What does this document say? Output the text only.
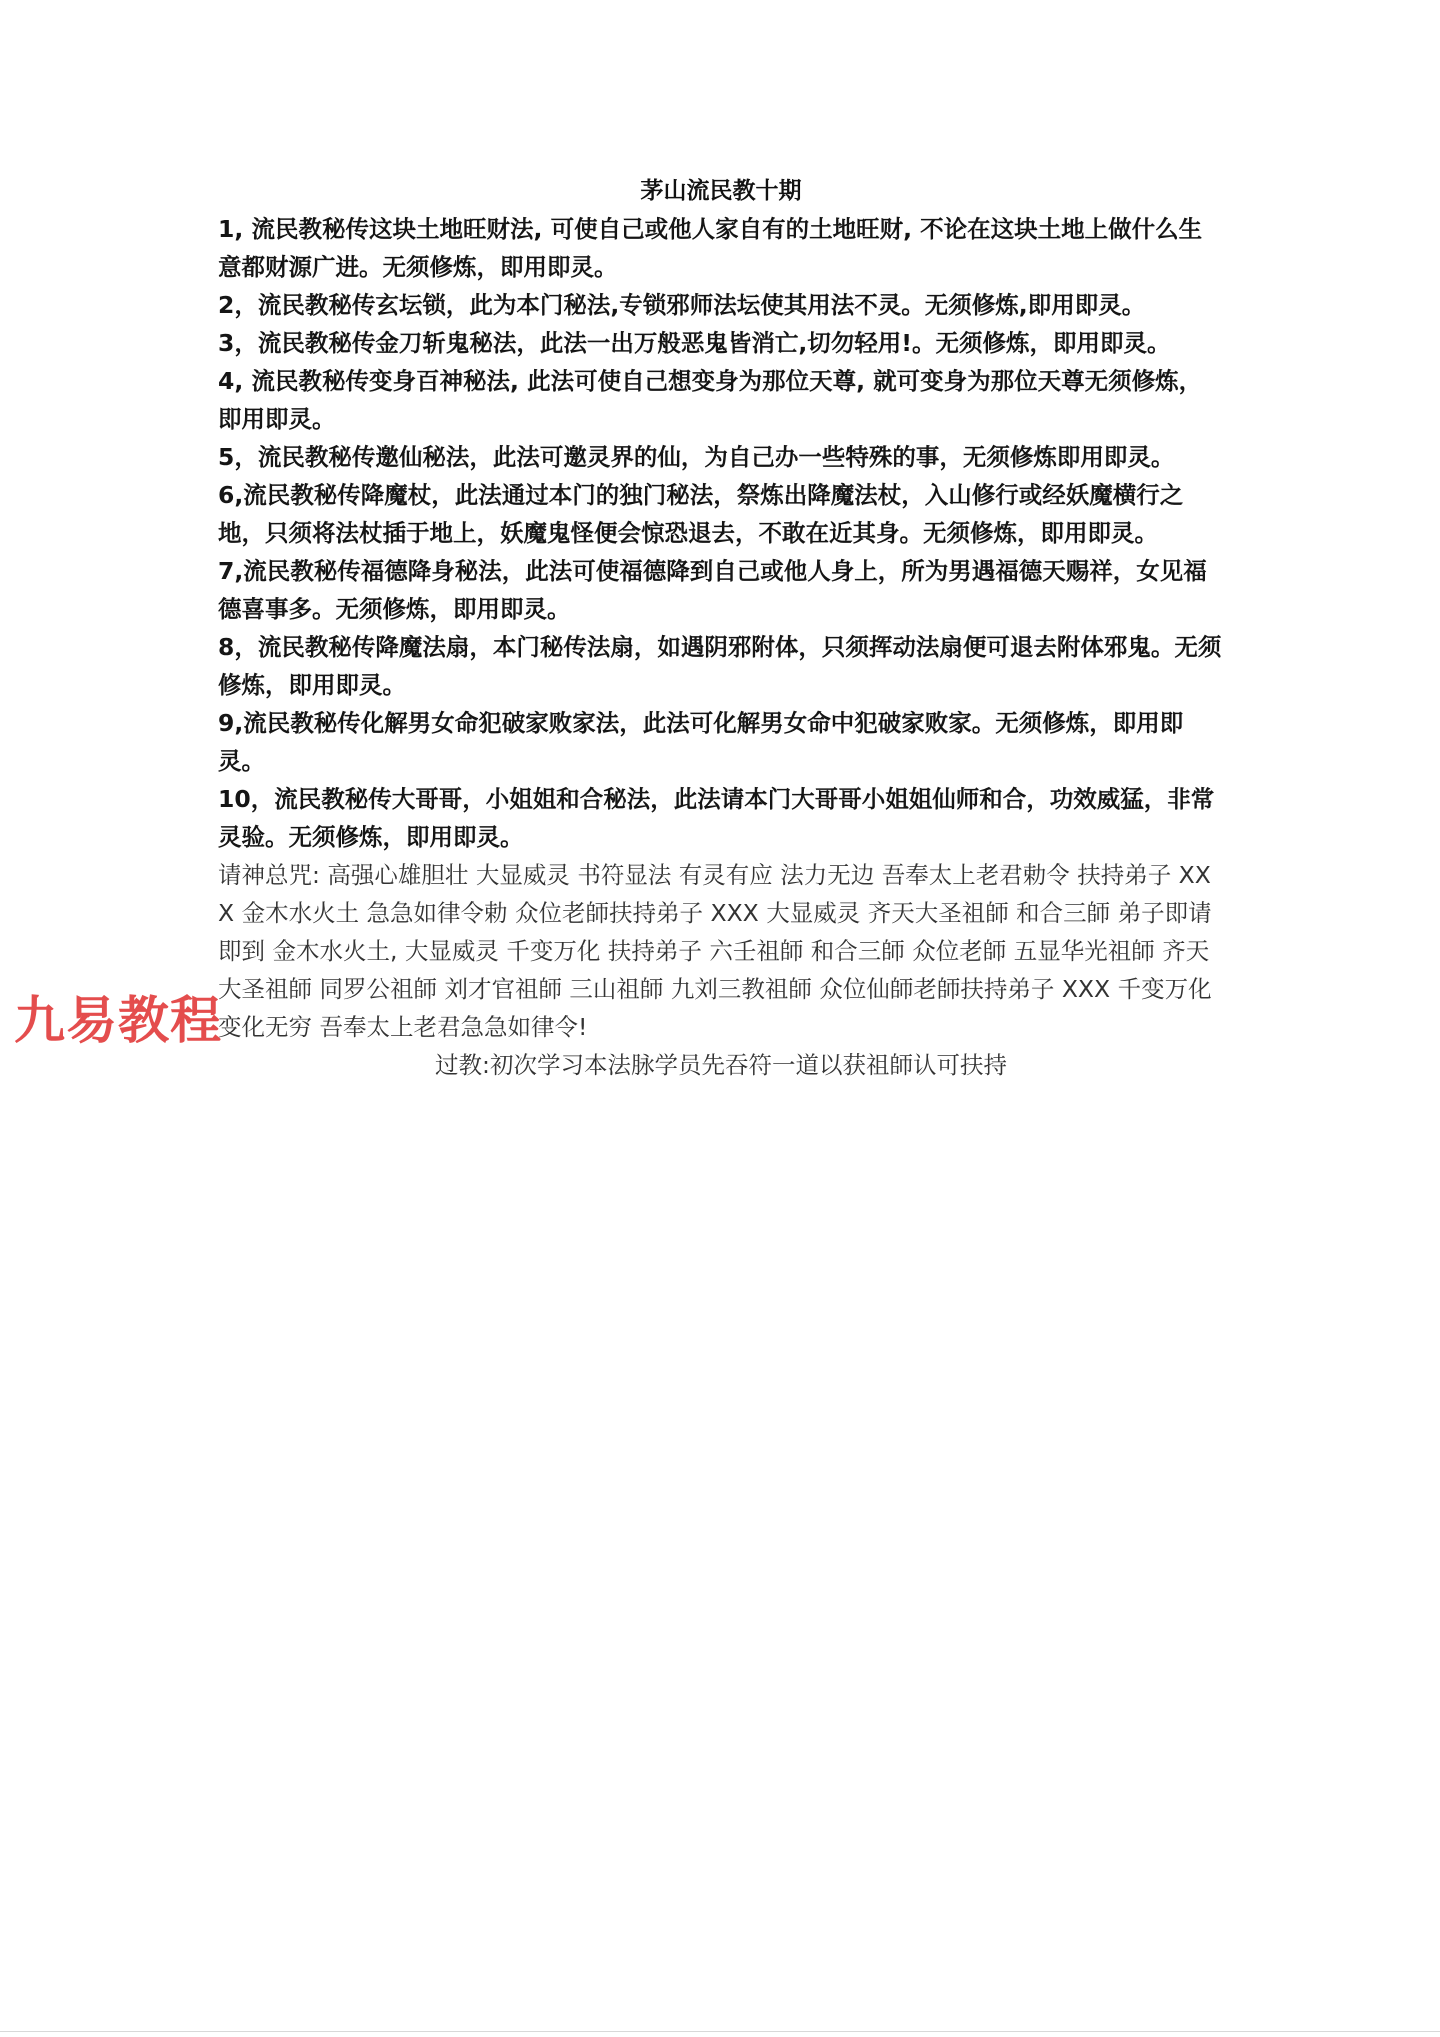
茅山流民教十期

1, 流民教秘传这块土地旺财法, 可使自己或他人家自有的土地旺财, 不论在这块土地上做什么生意都财源广进。无须修炼，即用即灵。

2，流民教秘传玄坛锁，此为本门秘法,专锁邪师法坛使其用法不灵。无须修炼,即用即灵。

3，流民教秘传金刀斩鬼秘法，此法一出万般恶鬼皆消亡,切勿轻用!。无须修炼，即用即灵。

4, 流民教秘传变身百神秘法, 此法可使自己想变身为那位天尊, 就可变身为那位天尊无须修炼，即用即灵。

5，流民教秘传邀仙秘法，此法可邀灵界的仙，为自己办一些特殊的事，无须修炼即用即灵。

6,流民教秘传降魔杖，此法通过本门的独门秘法，祭炼出降魔法杖，入山修行或经妖魔横行之地，只须将法杖插于地上，妖魔鬼怪便会惊恐退去，不敢在近其身。无须修炼，即用即灵。

7,流民教秘传福德降身秘法，此法可使福德降到自己或他人身上，所为男遇福德天赐祥，女见福德喜事多。无须修炼，即用即灵。

8，流民教秘传降魔法扇，本门秘传法扇，如遇阴邪附体，只须挥动法扇便可退去附体邪鬼。无须修炼，即用即灵。

9,流民教秘传化解男女命犯破家败家法，此法可化解男女命中犯破家败家。无须修炼，即用即灵。

10，流民教秘传大哥哥，小姐姐和合秘法，此法请本门大哥哥小姐姐仙师和合，功效威猛，非常灵验。无须修炼，即用即灵。

请神总咒: 高强心雄胆壮 大显威灵 书符显法 有灵有应 法力无边 吾奉太上老君勅令 扶持弟子 XXX 金木水火土 急急如律令勅 众位老師扶持弟子 XXX 大显威灵 齐天大圣祖師 和合三師 弟子即请即到 金木水火土, 大显威灵 千变万化 扶持弟子 六壬祖師 和合三師 众位老師 五显华光祖師 齐天大圣祖師 同罗公祖師 刘才官祖師 三山祖師 九刘三教祖師 众位仙師老師扶持弟子 XXX 千变万化 变化无穷 吾奉太上老君急急如律令!

过教:初次学习本法脉学员先吞符一道以获祖師认可扶持

九易教程
